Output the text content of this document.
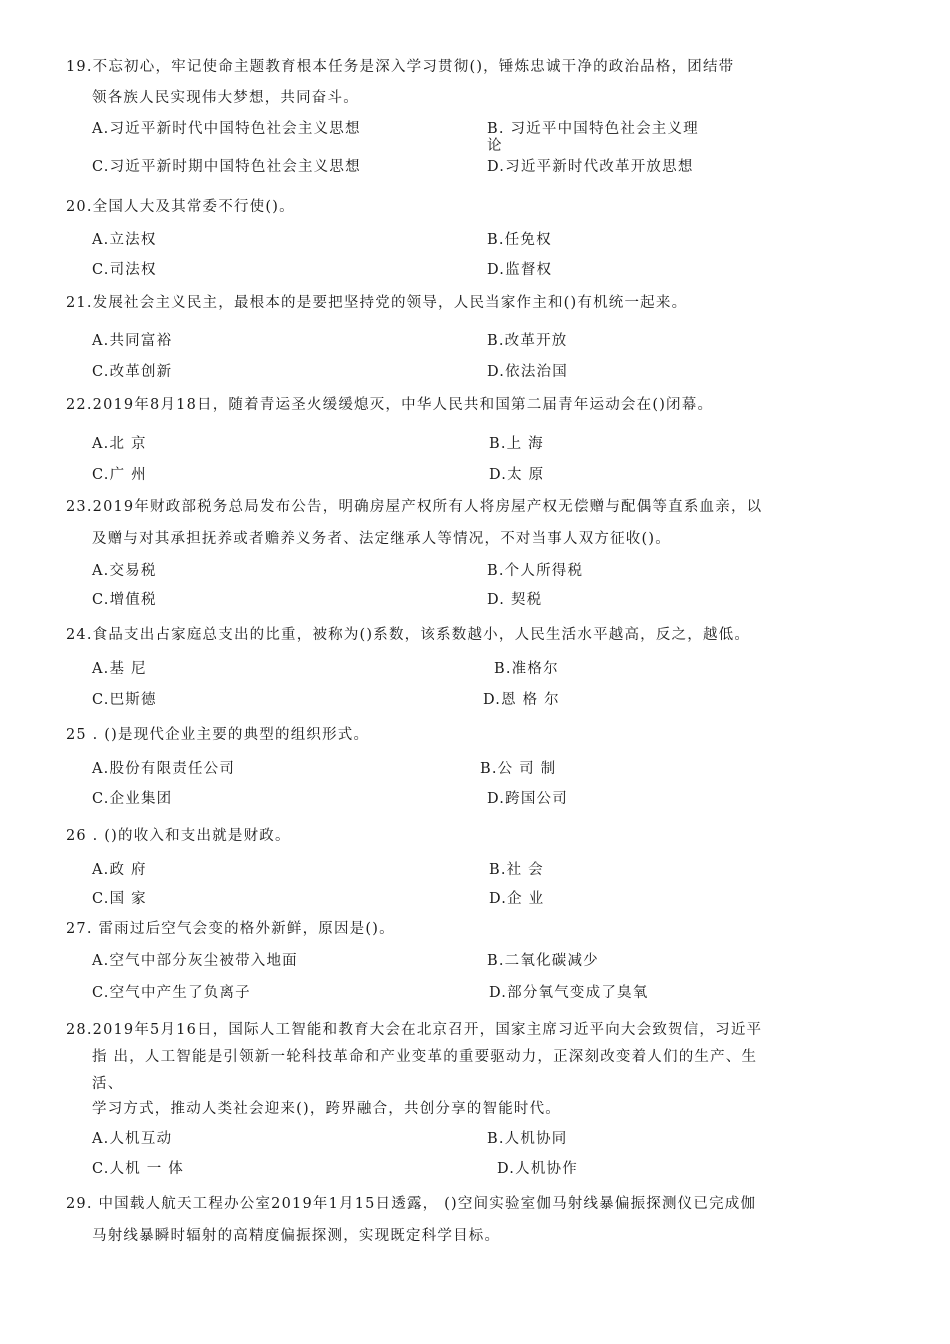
19.不忘初心，牢记使命主题教育根本任务是深入学习贯彻()，锤炼忠诚干净的政治品格，团结带
领各族人民实现伟大梦想，共同奋斗。
A.习近平新时代中国特色社会主义思想	B. 习近平中国特色社会主义理
论
C.习近平新时期中国特色社会主义思想	D.习近平新时代改革开放思想
20.全国人大及其常委不行使()。
A.立法权	B.任免权
C.司法权	D.监督权
21.发展社会主义民主，最根本的是要把坚持党的领导，人民当家作主和()有机统一起来。
A.共同富裕	B.改革开放
C.改革创新	D.依法治国
22.2019年8月18日，随着青运圣火缓缓熄灭，中华人民共和国第二届青年运动会在()闭幕。
A.北 京	B.上 海
C.广 州	D.太 原
23.2019年财政部税务总局发布公告，明确房屋产权所有人将房屋产权无偿赠与配偶等直系血亲，以
及赠与对其承担抚养或者赡养义务者、法定继承人等情况，不对当事人双方征收()。
A.交易税	B.个人所得税
C.增值税	D. 契税
24.食品支出占家庭总支出的比重，被称为()系数，该系数越小，人民生活水平越高，反之，越低。
A.基 尼	B.准格尔
C.巴斯德	D.恩 格 尔
25 . ()是现代企业主要的典型的组织形式。
A.股份有限责任公司	B.公 司 制
C.企业集团	D.跨国公司
26 . ()的收入和支出就是财政。
A.政 府	B.社 会
C.国 家	D.企 业
27. 雷雨过后空气会变的格外新鲜，原因是()。
A.空气中部分灰尘被带入地面	B.二氧化碳减少
C.空气中产生了负离子	D.部分氧气变成了臭氧
28.2019年5月16日，国际人工智能和教育大会在北京召开，国家主席习近平向大会致贺信，习近平
指 出，人工智能是引领新一轮科技革命和产业变革的重要驱动力，正深刻改变着人们的生产、生
活、
学习方式，推动人类社会迎来()，跨界融合，共创分享的智能时代。
A.人机互动	B.人机协同
C.人机 一 体	D.人机协作
29. 中国载人航天工程办公室2019年1月15日透露， ()空间实验室伽马射线暴偏振探测仪已完成伽
马射线暴瞬时辐射的高精度偏振探测，实现既定科学目标。
